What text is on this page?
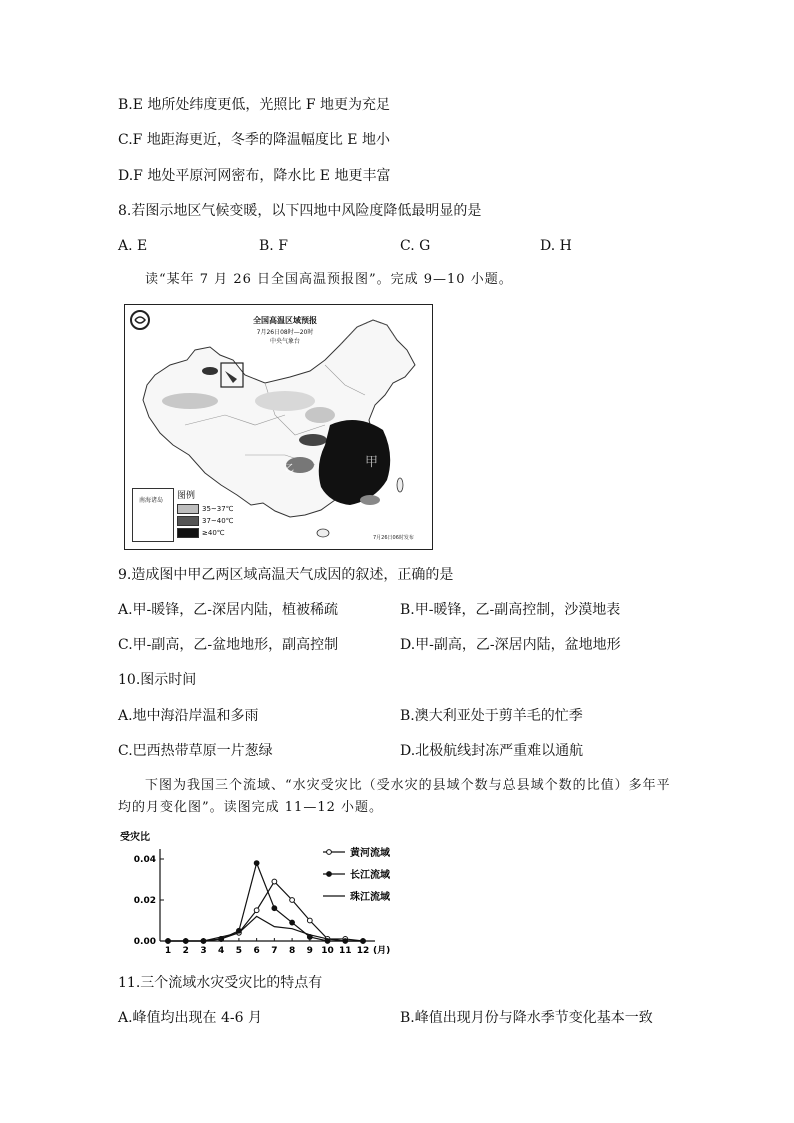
B.E 地所处纬度更低，光照比 F 地更为充足
C.F 地距海更近，冬季的降温幅度比 E 地小
D.F 地处平原河网密布，降水比 E 地更丰富
8.若图示地区气候变暖，以下四地中风险度降低最明显的是
A. E	B. F	C. G	D. H
读“某年 7 月 26 日全国高温预报图”。完成 9—10 小题。
全国高温区域预报
7月26日08时—20时
中央气象台
甲
乙
7月26日06时发布
南海诸岛	图例
35~37℃
37~40℃
≥40℃
9.造成图中甲乙两区域高温天气成因的叙述，正确的是
A.甲-暖锋，乙-深居内陆，植被稀疏	B.甲-暖锋，乙-副高控制，沙漠地表
C.甲-副高，乙-盆地地形，副高控制	D.甲-副高，乙-深居内陆，盆地地形
10.图示时间
A.地中海沿岸温和多雨	B.澳大利亚处于剪羊毛的忙季
C.巴西热带草原一片葱绿	D.北极航线封冻严重难以通航
下图为我国三个流域、“水灾受灾比（受水灾的县域个数与总县域个数的比值）多年平
均的月变化图”。读图完成 11—12 小题。
受灾比
0.00
0.02
0.04
1 2 3 4 5 6 7 8 9 10 11 12 (月)
黄河流域
长江流域
珠江流域
11.三个流域水灾受灾比的特点有
A.峰值均出现在 4-6 月	B.峰值出现月份与降水季节变化基本一致
